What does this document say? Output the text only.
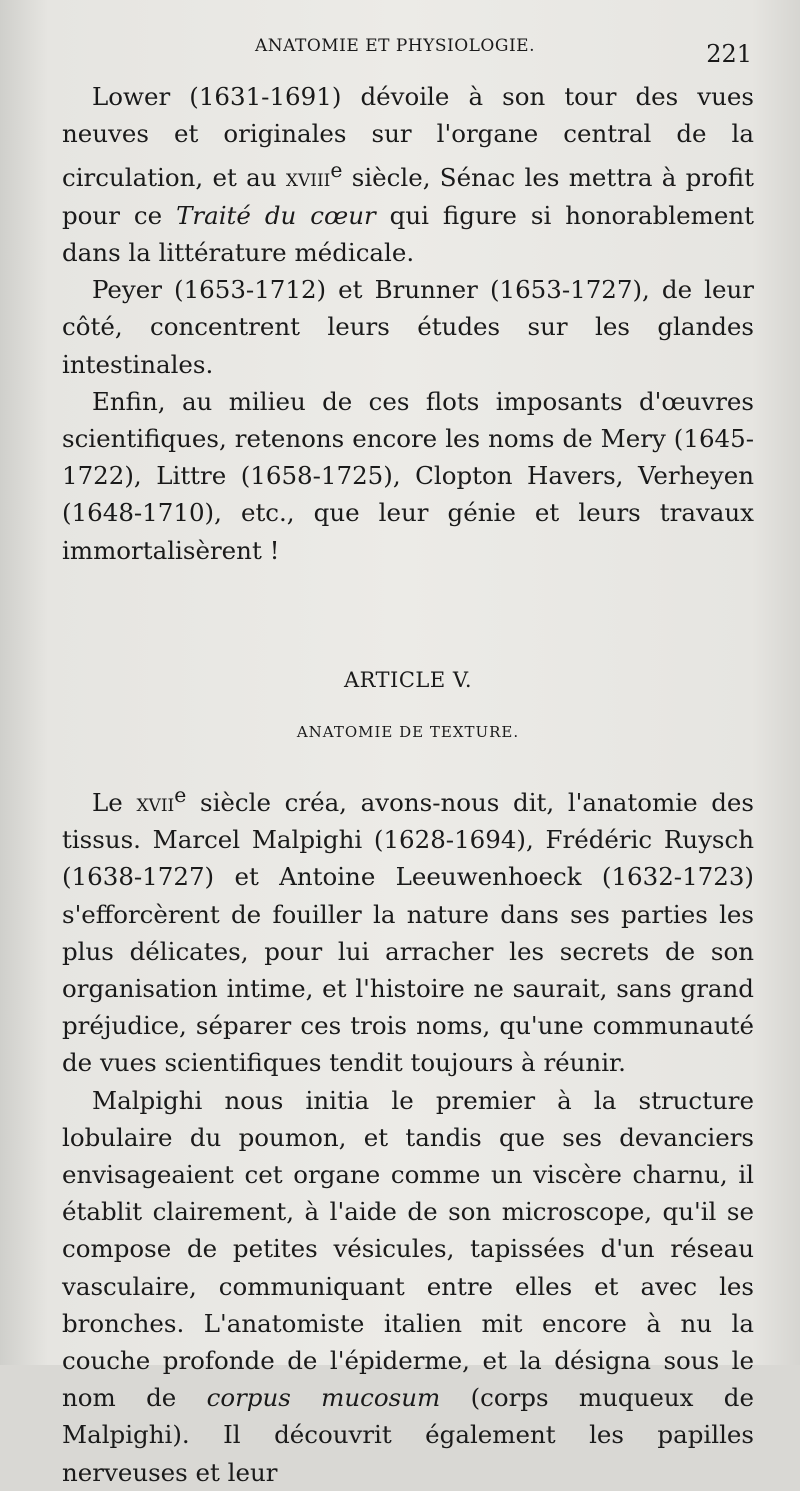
ANATOMIE ET PHYSIOLOGIE.	221

Lower (1631-1691) dévoile à son tour des vues neuves et originales sur l'organe central de la circulation, et au xviii$^e$ siècle, Sénac les mettra à profit pour ce Traité du cœur qui figure si honorablement dans la littérature médicale.

Peyer (1653-1712) et Brunner (1653-1727), de leur côté, concentrent leurs études sur les glandes intestinales.

Enfin, au milieu de ces flots imposants d'œuvres scientifiques, retenons encore les noms de Mery (1645-1722), Littre (1658-1725), Clopton Havers, Verheyen (1648-1710), etc., que leur génie et leurs travaux immortalisèrent !

ARTICLE V.
ANATOMIE DE TEXTURE.

Le xvii$^e$ siècle créa, avons-nous dit, l'anatomie des tissus. Marcel Malpighi (1628-1694), Frédéric Ruysch (1638-1727) et Antoine Leeuwenhoeck (1632-1723) s'efforcèrent de fouiller la nature dans ses parties les plus délicates, pour lui arracher les secrets de son organisation intime, et l'histoire ne saurait, sans grand préjudice, séparer ces trois noms, qu'une communauté de vues scientifiques tendit toujours à réunir.

Malpighi nous initia le premier à la structure lobulaire du poumon, et tandis que ses devanciers envisageaient cet organe comme un viscère charnu, il établit clairement, à l'aide de son microscope, qu'il se compose de petites vésicules, tapissées d'un réseau vasculaire, communiquant entre elles et avec les bronches. L'anatomiste italien mit encore à nu la couche profonde de l'épiderme, et la désigna sous le nom de corpus mucosum (corps muqueux de Malpighi). Il découvrit également les papilles nerveuses et leur
